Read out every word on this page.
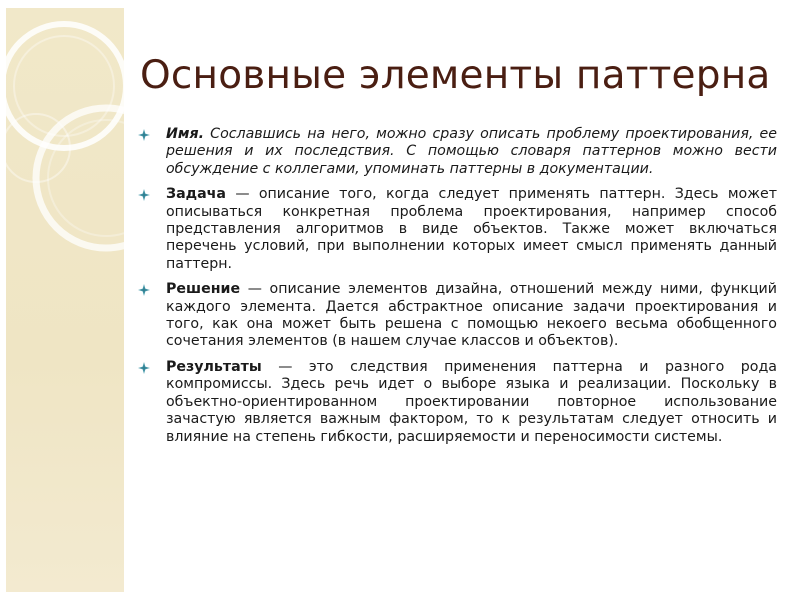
Основные элементы паттерна
Имя. Сославшись на него, можно сразу описать проблему проектирования, ее решения и их последствия. С помощью словаря паттернов можно вести обсуждение с коллегами, упоминать паттерны в документации.
Задача — описание того, когда следует применять паттерн. Здесь может описываться конкретная проблема проектирования, например способ представления алгоритмов в виде объектов. Также может включаться перечень условий, при выполнении которых имеет смысл применять данный паттерн.
Решение — описание элементов дизайна, отношений между ними, функций каждого элемента. Дается абстрактное описание задачи проектирования и того, как она может быть решена с помощью некоего весьма обобщенного сочетания элементов (в нашем случае классов и объектов).
Результаты — это следствия применения паттерна и разного рода компромиссы. Здесь речь идет о выборе языка и реализации. Поскольку в объектно-ориентированном проектировании повторное использование зачастую является важным фактором, то к результатам следует относить и влияние на степень гибкости, расширяемости и переносимости системы.
